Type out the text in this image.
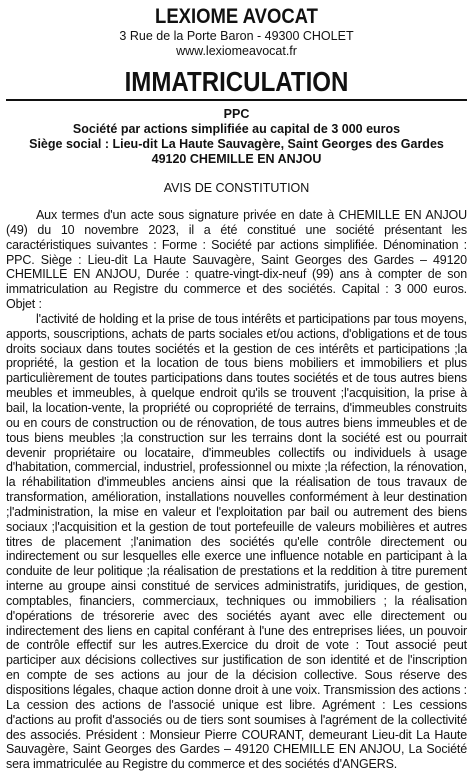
LEXIOME AVOCAT
3 Rue de la Porte Baron - 49300 CHOLET
www.lexiomeavocat.fr
IMMATRICULATION
PPC
Société par actions simplifiée au capital de 3 000 euros
Siège social : Lieu-dit La Haute Sauvagère, Saint Georges des Gardes
49120 CHEMILLE EN ANJOU
AVIS DE CONSTITUTION

Aux termes d'un acte sous signature privée en date à CHEMILLE EN ANJOU (49) du 10 novembre 2023, il a été constitué une société présentant les caractéristiques suivantes : Forme : Société par actions simplifiée. Dénomination : PPC. Siège : Lieu-dit La Haute Sauvagère, Saint Georges des Gardes – 49120 CHEMILLE EN ANJOU, Durée : quatre-vingt-dix-neuf (99) ans à compter de son immatriculation au Registre du commerce et des sociétés. Capital : 3 000 euros. Objet :

l'activité de holding et la prise de tous intérêts et participations par tous moyens, apports, souscriptions, achats de parts sociales et/ou actions, d'obligations et de tous droits sociaux dans toutes sociétés et la gestion de ces intérêts et participations ;la propriété, la gestion et la location de tous biens mobiliers et immobiliers et plus particulièrement de toutes participations dans toutes sociétés et de tous autres biens meubles et immeubles, à quelque endroit qu'ils se trouvent ;l'acquisition, la prise à bail, la location-vente, la propriété ou copropriété de terrains, d'immeubles construits ou en cours de construction ou de rénovation, de tous autres biens immeubles et de tous biens meubles ;la construction sur les terrains dont la société est ou pourrait devenir propriétaire ou locataire, d'immeubles collectifs ou individuels à usage d'habitation, commercial, industriel, professionnel ou mixte ;la réfection, la rénovation, la réhabilitation d'immeubles anciens ainsi que la réalisation de tous travaux de transformation, amélioration, installations nouvelles conformément à leur destination ;l'administration, la mise en valeur et l'exploitation par bail ou autrement des biens sociaux ;l'acquisition et la gestion de tout portefeuille de valeurs mobilières et autres titres de placement ;l'animation des sociétés qu'elle contrôle directement ou indirectement ou sur lesquelles elle exerce une influence notable en participant à la conduite de leur politique ;la réalisation de prestations et la reddition à titre purement interne au groupe ainsi constitué de services administratifs, juridiques, de gestion, comptables, financiers, commerciaux, techniques ou immobiliers ; la réalisation d'opérations de trésorerie avec des sociétés ayant avec elle directement ou indirectement des liens en capital conférant à l'une des entreprises liées, un pouvoir de contrôle effectif sur les autres.Exercice du droit de vote : Tout associé peut participer aux décisions collectives sur justification de son identité et de l'inscription en compte de ses actions au jour de la décision collective. Sous réserve des dispositions légales, chaque action donne droit à une voix. Transmission des actions : La cession des actions de l'associé unique est libre. Agrément : Les cessions d'actions au profit d'associés ou de tiers sont soumises à l'agrément de la collectivité des associés. Président : Monsieur Pierre COURANT, demeurant Lieu-dit La Haute Sauvagère, Saint Georges des Gardes – 49120 CHEMILLE EN ANJOU, La Société sera immatriculée au Registre du commerce et des sociétés d'ANGERS.
